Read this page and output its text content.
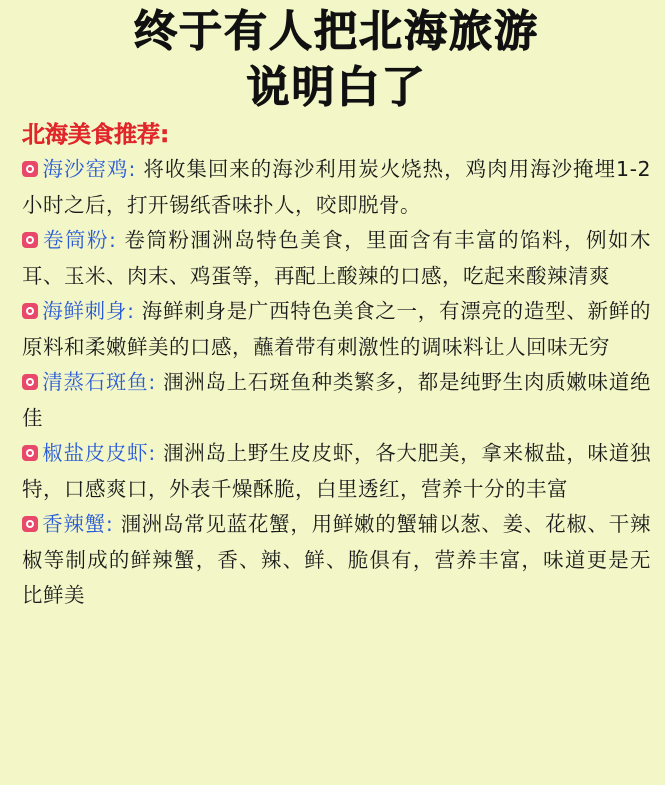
终于有人把北海旅游
说明白了
北海美食推荐:
海沙窑鸡: 将收集回来的海沙利用炭火烧热，鸡肉用海沙掩埋1-2小时之后，打开锡纸香味扑人，咬即脱骨。
卷筒粉: 卷筒粉涠洲岛特色美食，里面含有丰富的馅料，例如木耳、玉米、肉末、鸡蛋等，再配上酸辣的口感，吃起来酸辣清爽
海鲜刺身: 海鲜刺身是广西特色美食之一，有漂亮的造型、新鲜的原料和柔嫩鲜美的口感，蘸着带有刺激性的调味料让人回味无穷
清蒸石斑鱼: 涠洲岛上石斑鱼种类繁多，都是纯野生肉质嫩味道绝佳
椒盐皮皮虾: 涠洲岛上野生皮皮虾，各大肥美，拿来椒盐，味道独特，口感爽口，外表千燥酥脆，白里透红，营养十分的丰富
香辣蟹: 涠洲岛常见蓝花蟹，用鲜嫩的蟹辅以葱、姜、花椒、干辣椒等制成的鲜辣蟹，香、辣、鲜、脆俱有，营养丰富，味道更是无比鲜美
